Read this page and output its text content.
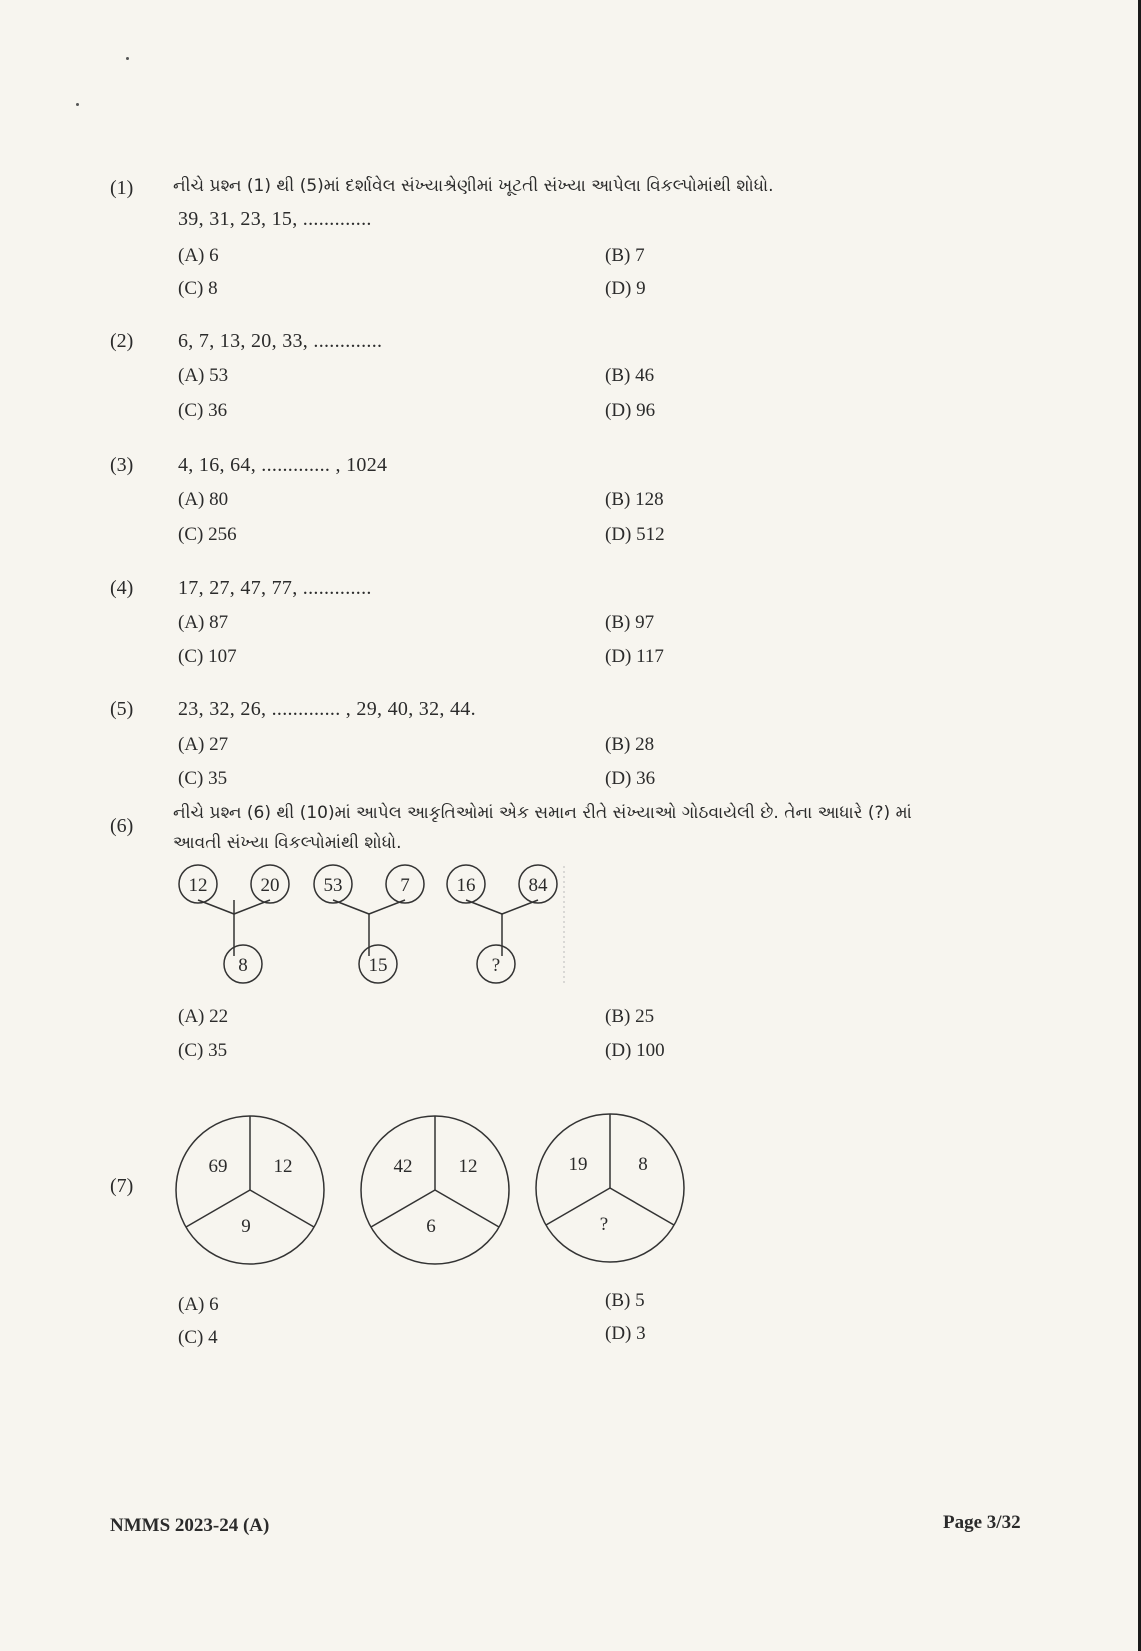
(1) નીચે પ્રશ્ન (1) થી (5)માં દર્શાવેલ સંખ્યાશ્રેણીમાં ખૂટતી સંખ્યા આપેલા વિકલ્પોમાંથી શોધો.
39, 31, 23, 15, .............
(A) 6	(B) 7
(C) 8	(D) 9
(2) 6, 7, 13, 20, 33, .............
(A) 53	(B) 46
(C) 36	(D) 96
(3) 4, 16, 64, ............. , 1024
(A) 80	(B) 128
(C) 256	(D) 512
(4) 17, 27, 47, 77, .............
(A) 87	(B) 97
(C) 107	(D) 117
(5) 23, 32, 26, ............. , 29, 40, 32, 44.
(A) 27	(B) 28
(C) 35	(D) 36
(6)
નીચે પ્રશ્ન (6) થી (10)માં આપેલ આકૃતિઓમાં એક સમાન રીતે સંખ્યાઓ ગોઠવાયેલી છે. તેના આધારે (?) માં
આવતી સંખ્યા વિકલ્પોમાંથી શોધો.
12	20
8
53	7
15
16	84
?
(A) 22	(B) 25
(C) 35	(D) 100
(7)
69 12
9
42 12
6
19	8
?
(A) 6	(B) 5
(C) 4	(D) 3
NMMS 2023-24 (A)	Page 3/32
